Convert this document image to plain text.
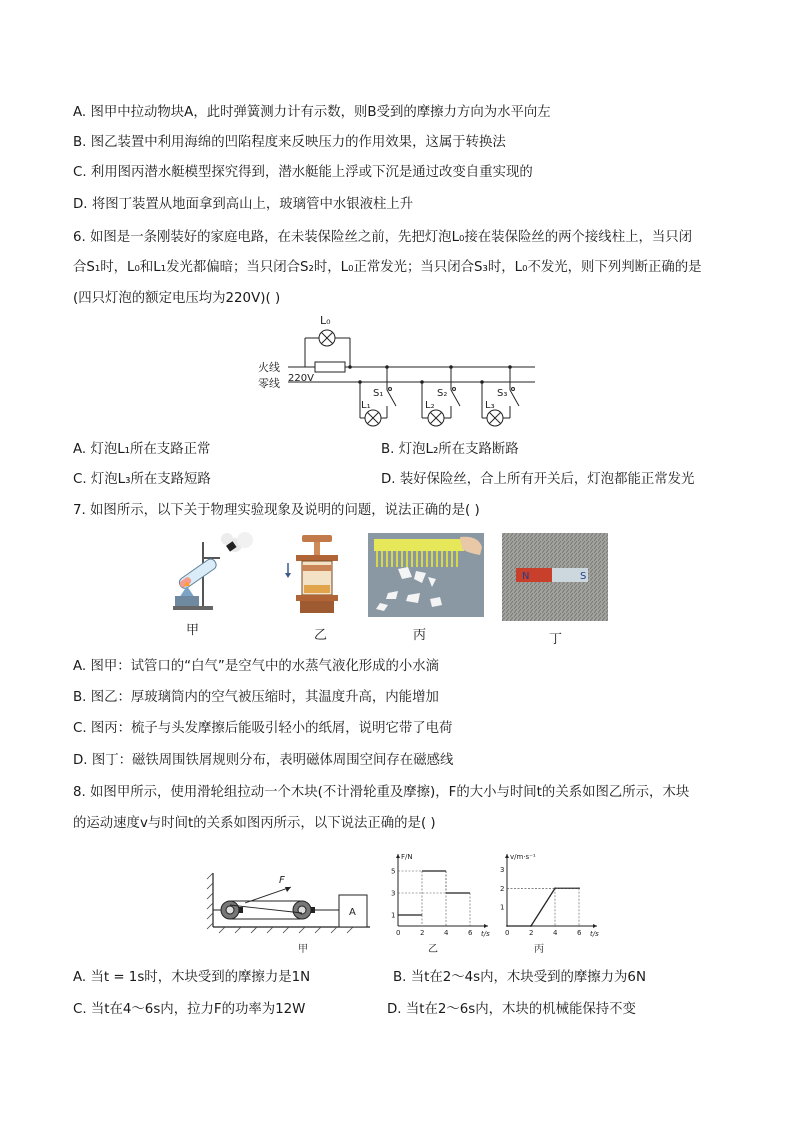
A. 图甲中拉动物块A，此时弹簧测力计有示数，则B受到的摩擦力方向为水平向左
B. 图乙装置中利用海绵的凹陷程度来反映压力的作用效果，这属于转换法
C. 利用图丙潜水艇模型探究得到，潜水艇能上浮或下沉是通过改变自重实现的
D. 将图丁装置从地面拿到高山上，玻璃管中水银液柱上升
6. 如图是一条刚装好的家庭电路，在未装保险丝之前，先把灯泡L₀接在装保险丝的两个接线柱上，当只闭
合S₁时，L₀和L₁发光都偏暗；当只闭合S₂时，L₀正常发光；当只闭合S₃时，L₀不发光，则下列判断正确的是
(四只灯泡的额定电压均为220V)( )
火线
零线 220V
L₀
S₁
L₁
S₂
L₂
S₃
L₃
A. 灯泡L₁所在支路正常	B. 灯泡L₂所在支路断路
C. 灯泡L₃所在支路短路	D. 装好保险丝，合上所有开关后，灯泡都能正常发光
7. 如图所示，以下关于物理实验现象及说明的问题，说法正确的是( )
N	S
甲	乙	丙	丁
A. 图甲：试管口的“白气”是空气中的水蒸气液化形成的小水滴
B. 图乙：厚玻璃筒内的空气被压缩时，其温度升高，内能增加
C. 图丙：梳子与头发摩擦后能吸引轻小的纸屑，说明它带了电荷
D. 图丁：磁铁周围铁屑规则分布，表明磁体周围空间存在磁感线
8. 如图甲所示，使用滑轮组拉动一个木块(不计滑轮重及摩擦)，F的大小与时间t的关系如图乙所示，木块
的运动速度v与时间t的关系如图丙所示，以下说法正确的是( )
F
A
甲
F/N
t/s
0	2	4	6
1
3
5
乙
v/m·s⁻¹
t/s
0	2	4	6
1
2
3
丙
A. 当t = 1s时，木块受到的摩擦力是1N	B. 当t在2～4s内，木块受到的摩擦力为6N
C. 当t在4～6s内，拉力F的功率为12W	D. 当t在2～6s内，木块的机械能保持不变
